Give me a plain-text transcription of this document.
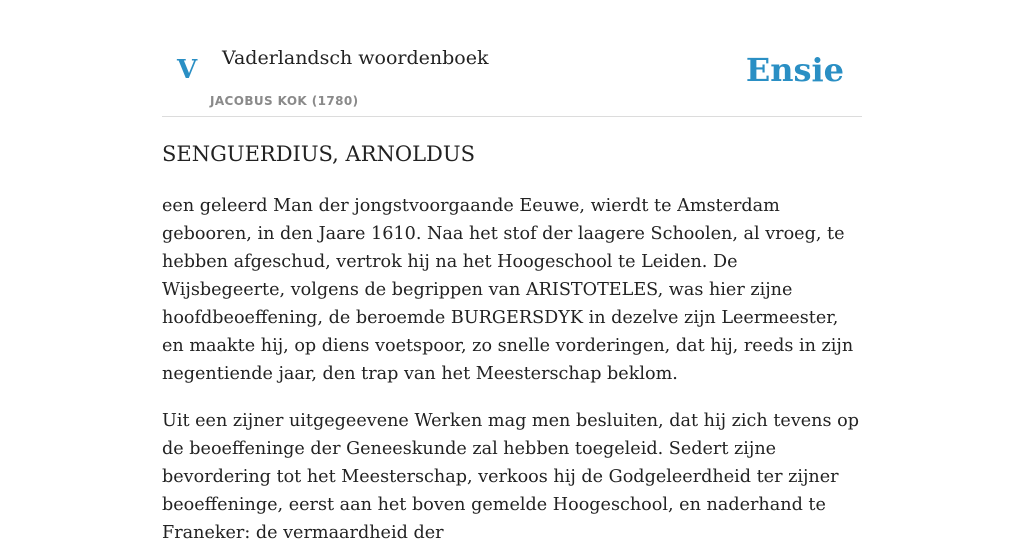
V Vaderlandsch woordenboek
JACOBUS KOK (1780)
Ensie
SENGUERDIUS, ARNOLDUS

een geleerd Man der jongstvoorgaande Eeuwe, wierdt te Amsterdam gebooren, in den Jaare 1610. Naa het stof der laagere Schoolen, al vroeg, te hebben afgeschud, vertrok hij na het Hoogeschool te Leiden. De Wijsbegeerte, volgens de begrippen van ARISTOTELES, was hier zijne hoofdbeoeffening, de beroemde BURGERSDYK in dezelve zijn Leermeester, en maakte hij, op diens voetspoor, zo snelle vorderingen, dat hij, reeds in zijn negentiende jaar, den trap van het Meesterschap beklom.

Uit een zijner uitgegeevene Werken mag men besluiten, dat hij zich tevens op de beoeffeninge der Geneeskunde zal hebben toegeleid. Sedert zijne bevordering tot het Meesterschap, verkoos hij de Godgeleerdheid ter zijner beoeffeninge, eerst aan het boven gemelde Hoogeschool, en naderhand te Franeker: de vermaardheid der
